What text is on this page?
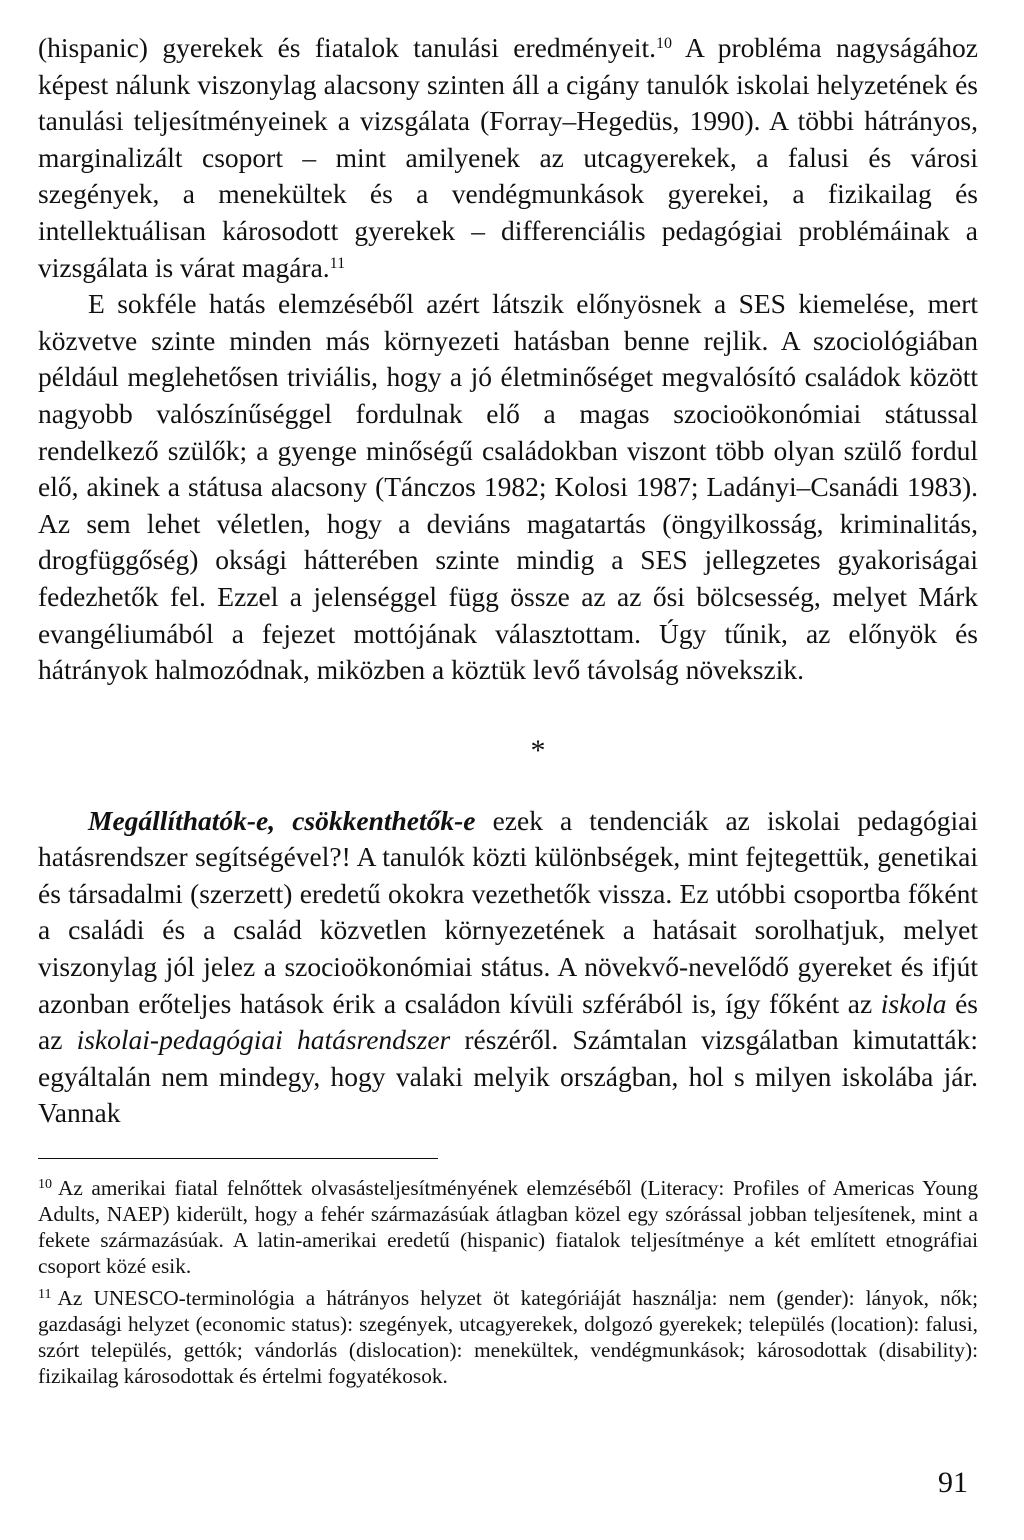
(hispanic) gyerekek és fiatalok tanulási eredményeit.$^{10}$ A probléma nagyságához képest nálunk viszonylag alacsony szinten áll a cigány tanulók iskolai helyzetének és tanulási teljesítményeinek a vizsgálata (Forray–Hegedüs, 1990). A többi hátrányos, marginalizált csoport – mint amilyenek az utcagyerekek, a falusi és városi szegények, a menekültek és a vendégmunkások gyerekei, a fizikailag és intellektuálisan károsodott gyerekek – differenciális pedagógiai problémáinak a vizsgálata is várat magára.$^{11}$

E sokféle hatás elemzéséből azért látszik előnyösnek a SES kiemelése, mert közvetve szinte minden más környezeti hatásban benne rejlik. A szociológiában például meglehetősen triviális, hogy a jó életminőséget megvalósító családok között nagyobb valószínűséggel fordulnak elő a magas szocioökonómiai státussal rendelkező szülők; a gyenge minőségű családokban viszont több olyan szülő fordul elő, akinek a státusa alacsony (Tánczos 1982; Kolosi 1987; Ladányi–Csanádi 1983). Az sem lehet véletlen, hogy a deviáns magatartás (öngyilkosság, kriminalitás, drogfüggőség) oksági hátterében szinte mindig a SES jellegzetes gyakoriságai fedezhetők fel. Ezzel a jelenséggel függ össze az az ősi bölcsesség, melyet Márk evangéliumából a fejezet mottójának választottam. Úgy tűnik, az előnyök és hátrányok halmozódnak, miközben a köztük levő távolság növekszik.

*

Megállíthatók-e, csökkenthetők-e ezek a tendenciák az iskolai pedagógiai hatásrendszer segítségével?! A tanulók közti különbségek, mint fejtegettük, genetikai és társadalmi (szerzett) eredetű okokra vezethetők vissza. Ez utóbbi csoportba főként a családi és a család közvetlen környezetének a hatásait sorolhatjuk, melyet viszonylag jól jelez a szocioökonómiai státus. A növekvő-nevelődő gyereket és ifjút azonban erőteljes hatások érik a családon kívüli szférából is, így főként az iskola és az iskolai-pedagógiai hatásrendszer részéről. Számtalan vizsgálatban kimutatták: egyáltalán nem mindegy, hogy valaki melyik országban, hol s milyen iskolába jár. Vannak

$^{10}$ Az amerikai fiatal felnőttek olvasásteljesítményének elemzéséből (Literacy: Profiles of Americas Young Adults, NAEP) kiderült, hogy a fehér származásúak átlagban közel egy szórással jobban teljesítenek, mint a fekete származásúak. A latin-amerikai eredetű (hispanic) fiatalok teljesítménye a két említett etnográfiai csoport közé esik.

$^{11}$ Az UNESCO-terminológia a hátrányos helyzet öt kategóriáját használja: nem (gender): lányok, nők; gazdasági helyzet (economic status): szegények, utcagyerekek, dolgozó gyerekek; település (location): falusi, szórt település, gettók; vándorlás (dislocation): menekültek, vendégmunkások; károsodottak (disability): fizikailag károsodottak és értelmi fogyatékosok.

91
